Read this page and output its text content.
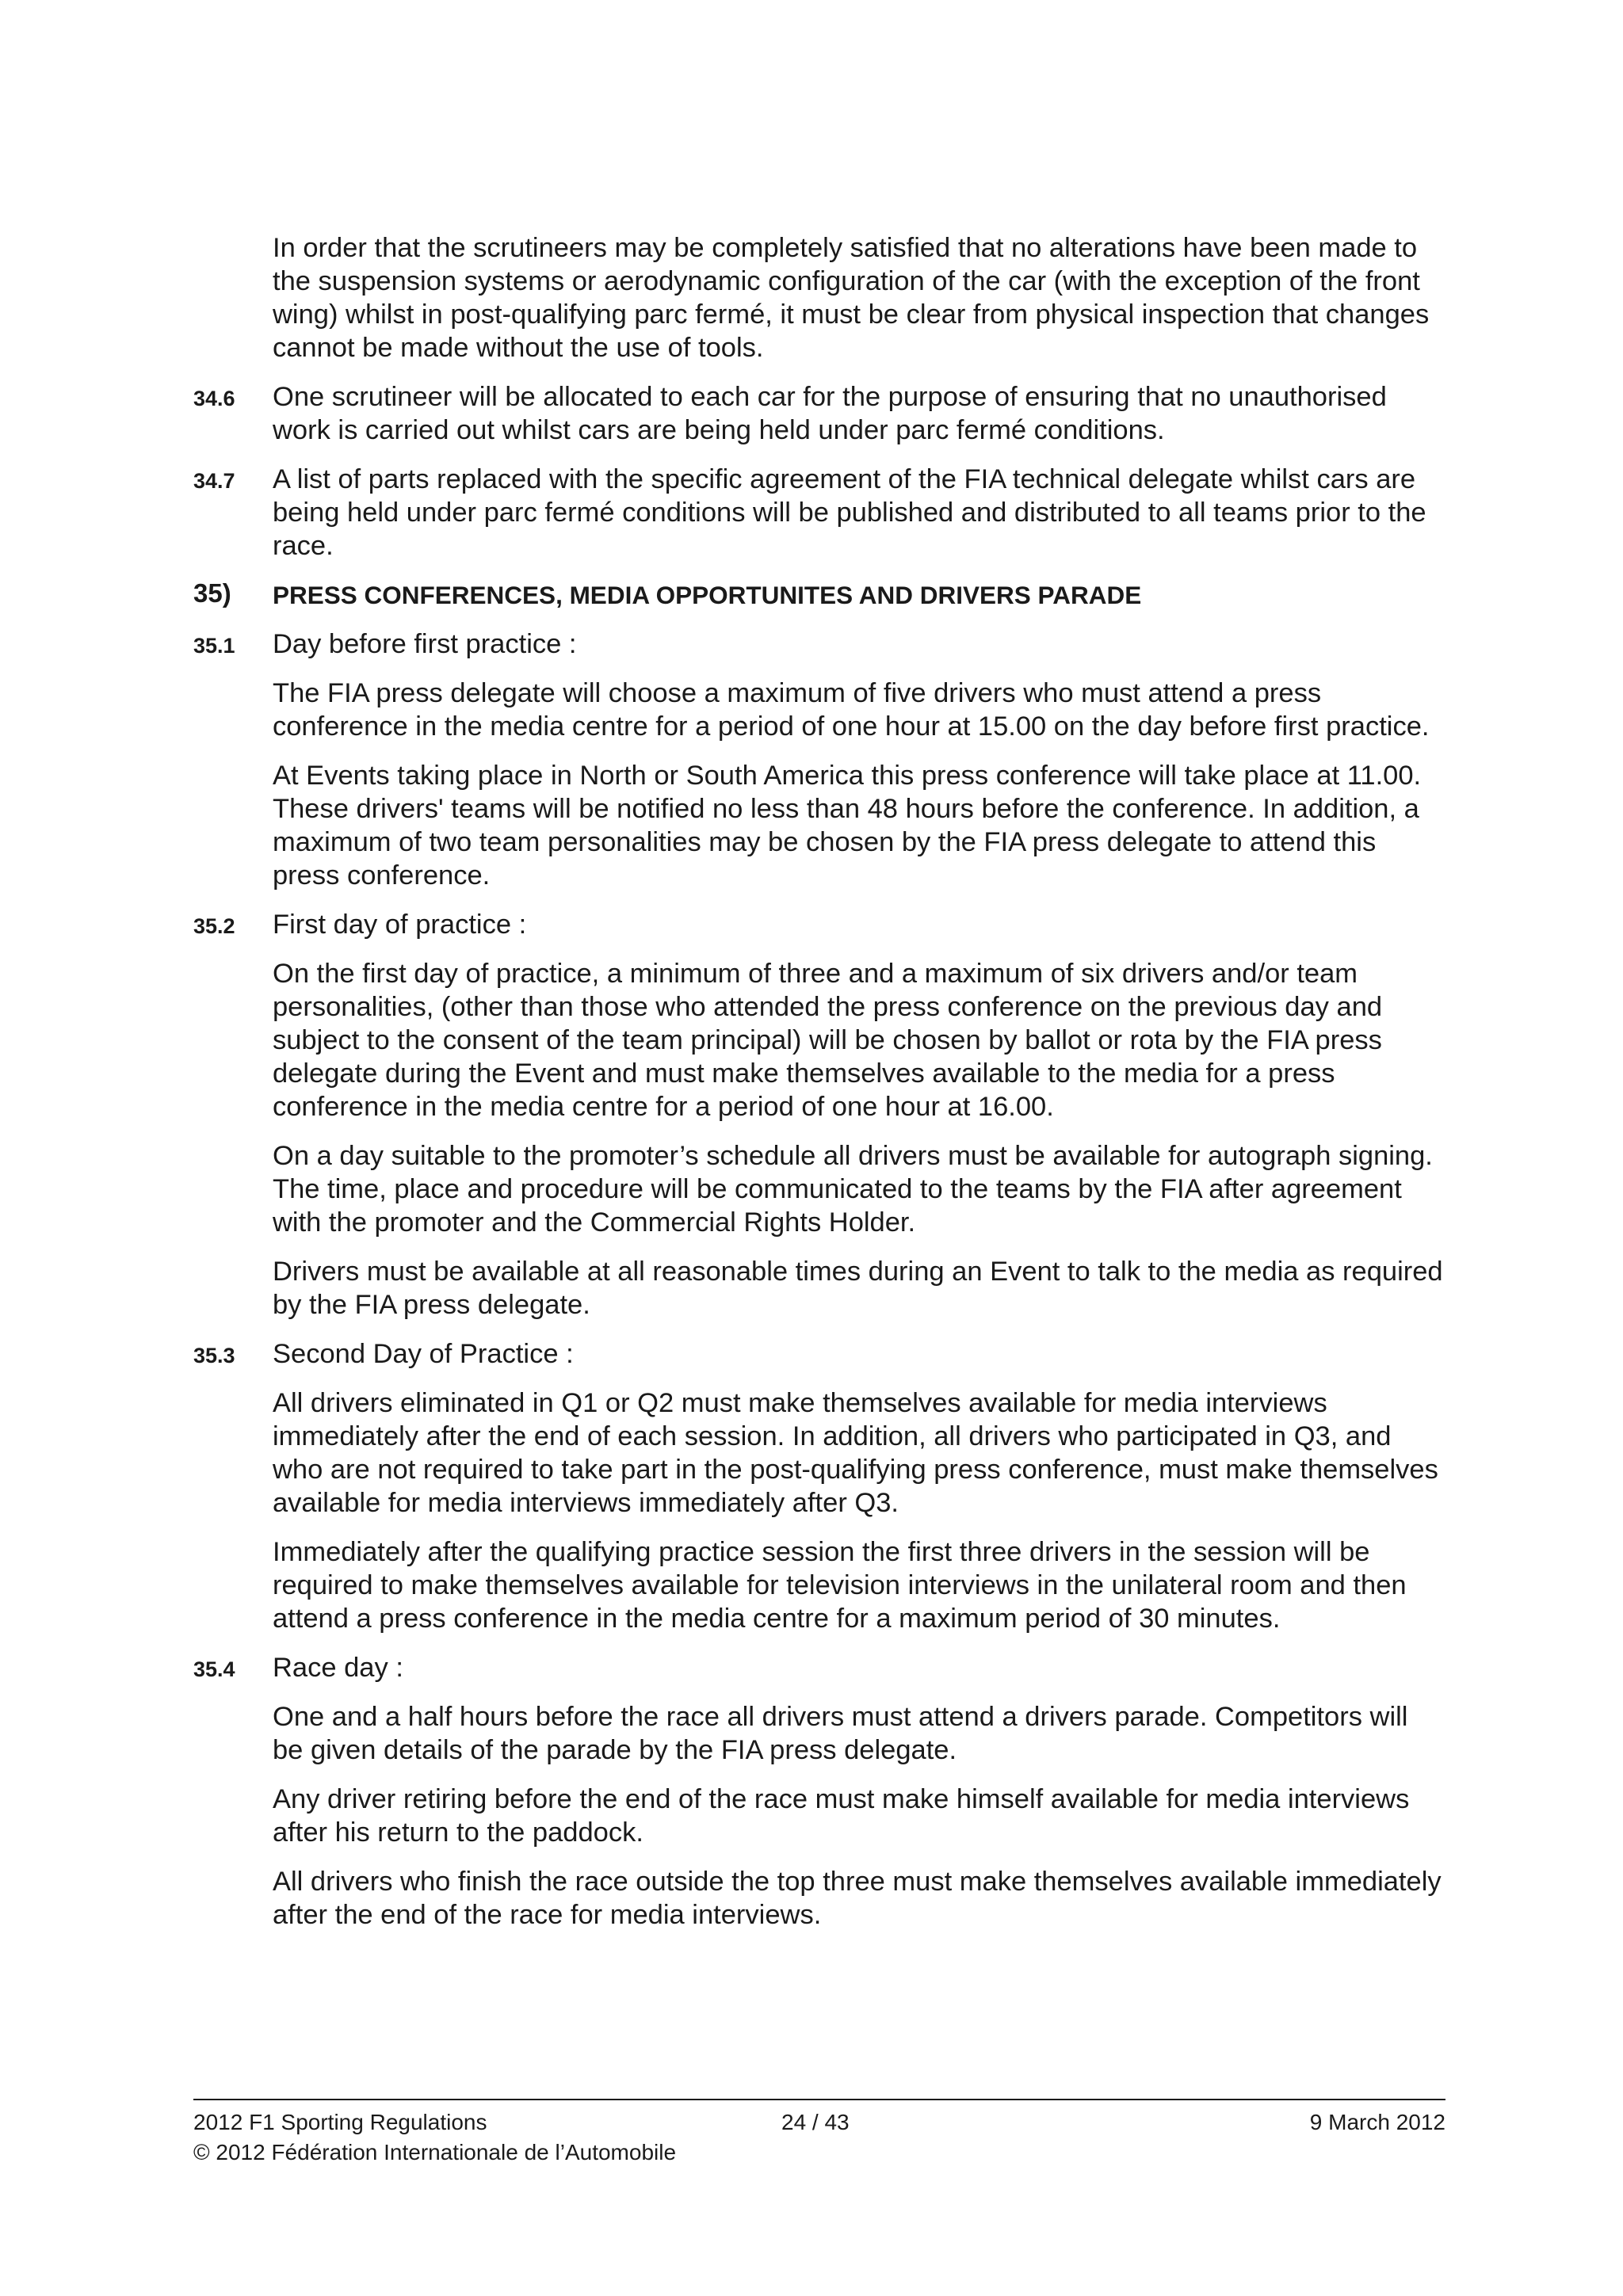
In order that the scrutineers may be completely satisfied that no alterations have been made to the suspension systems or aerodynamic configuration of the car (with the exception of the front wing) whilst in post-qualifying parc fermé, it must be clear from physical inspection that changes cannot be made without the use of tools.
34.6	One scrutineer will be allocated to each car for the purpose of ensuring that no unauthorised work is carried out whilst cars are being held under parc fermé conditions.
34.7	A list of parts replaced with the specific agreement of the FIA technical delegate whilst cars are being held under parc fermé conditions will be published and distributed to all teams prior to the race.
35)	PRESS CONFERENCES, MEDIA OPPORTUNITES AND DRIVERS PARADE
35.1	Day before first practice :
The FIA press delegate will choose a maximum of five drivers who must attend a press conference in the media centre for a period of one hour at 15.00 on the day before first practice.
At Events taking place in North or South America this press conference will take place at 11.00. These drivers' teams will be notified no less than 48 hours before the conference. In addition, a maximum of two team personalities may be chosen by the FIA press delegate to attend this press conference.
35.2	First day of practice :
On the first day of practice, a minimum of three and a maximum of six drivers and/or team personalities, (other than those who attended the press conference on the previous day and subject to the consent of the team principal) will be chosen by ballot or rota by the FIA press delegate during the Event and must make themselves available to the media for a press conference in the media centre for a period of one hour at 16.00.
On a day suitable to the promoter’s schedule all drivers must be available for autograph signing. The time, place and procedure will be communicated to the teams by the FIA after agreement with the promoter and the Commercial Rights Holder.
Drivers must be available at all reasonable times during an Event to talk to the media as required by the FIA press delegate.
35.3	Second Day of Practice :
All drivers eliminated in Q1 or Q2 must make themselves available for media interviews immediately after the end of each session. In addition, all drivers who participated in Q3, and who are not required to take part in the post-qualifying press conference, must make themselves available for media interviews immediately after Q3.
Immediately after the qualifying practice session the first three drivers in the session will be required to make themselves available for television interviews in the unilateral room and then attend a press conference in the media centre for a maximum period of 30 minutes.
35.4	Race day :
One and a half hours before the race all drivers must attend a drivers parade. Competitors will be given details of the parade by the FIA press delegate.
Any driver retiring before the end of the race must make himself available for media interviews after his return to the paddock.
All drivers who finish the race outside the top three must make themselves available immediately after the end of the race for media interviews.
2012 F1 Sporting Regulations	24 / 43	9 March 2012
© 2012 Fédération Internationale de l’Automobile
